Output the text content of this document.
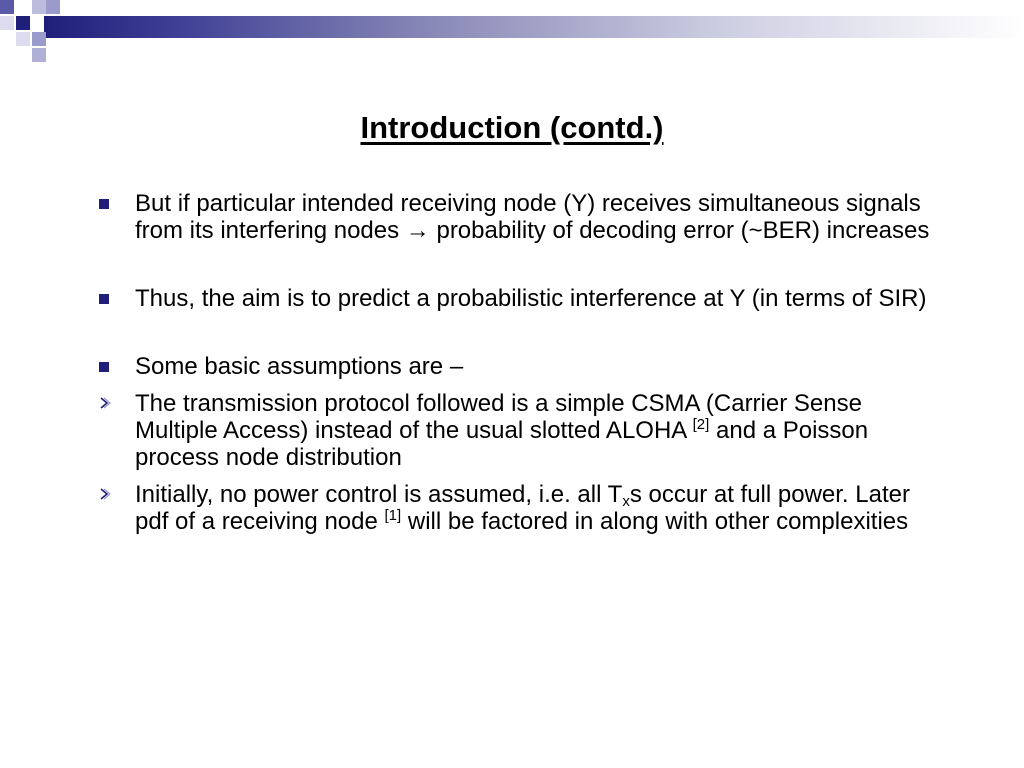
Introduction (contd.)
But if particular intended receiving node (Y) receives simultaneous signals from its interfering nodes → probability of decoding error (~BER) increases
Thus, the aim is to predict a probabilistic interference at Y (in terms of SIR)
Some basic assumptions are –
The transmission protocol followed is a simple CSMA (Carrier Sense Multiple Access) instead of the usual slotted ALOHA [2] and a Poisson process node distribution
Initially, no power control is assumed, i.e. all $T_xs$ occur at full power. Later pdf of a receiving node [1] will be factored in along with other complexities
